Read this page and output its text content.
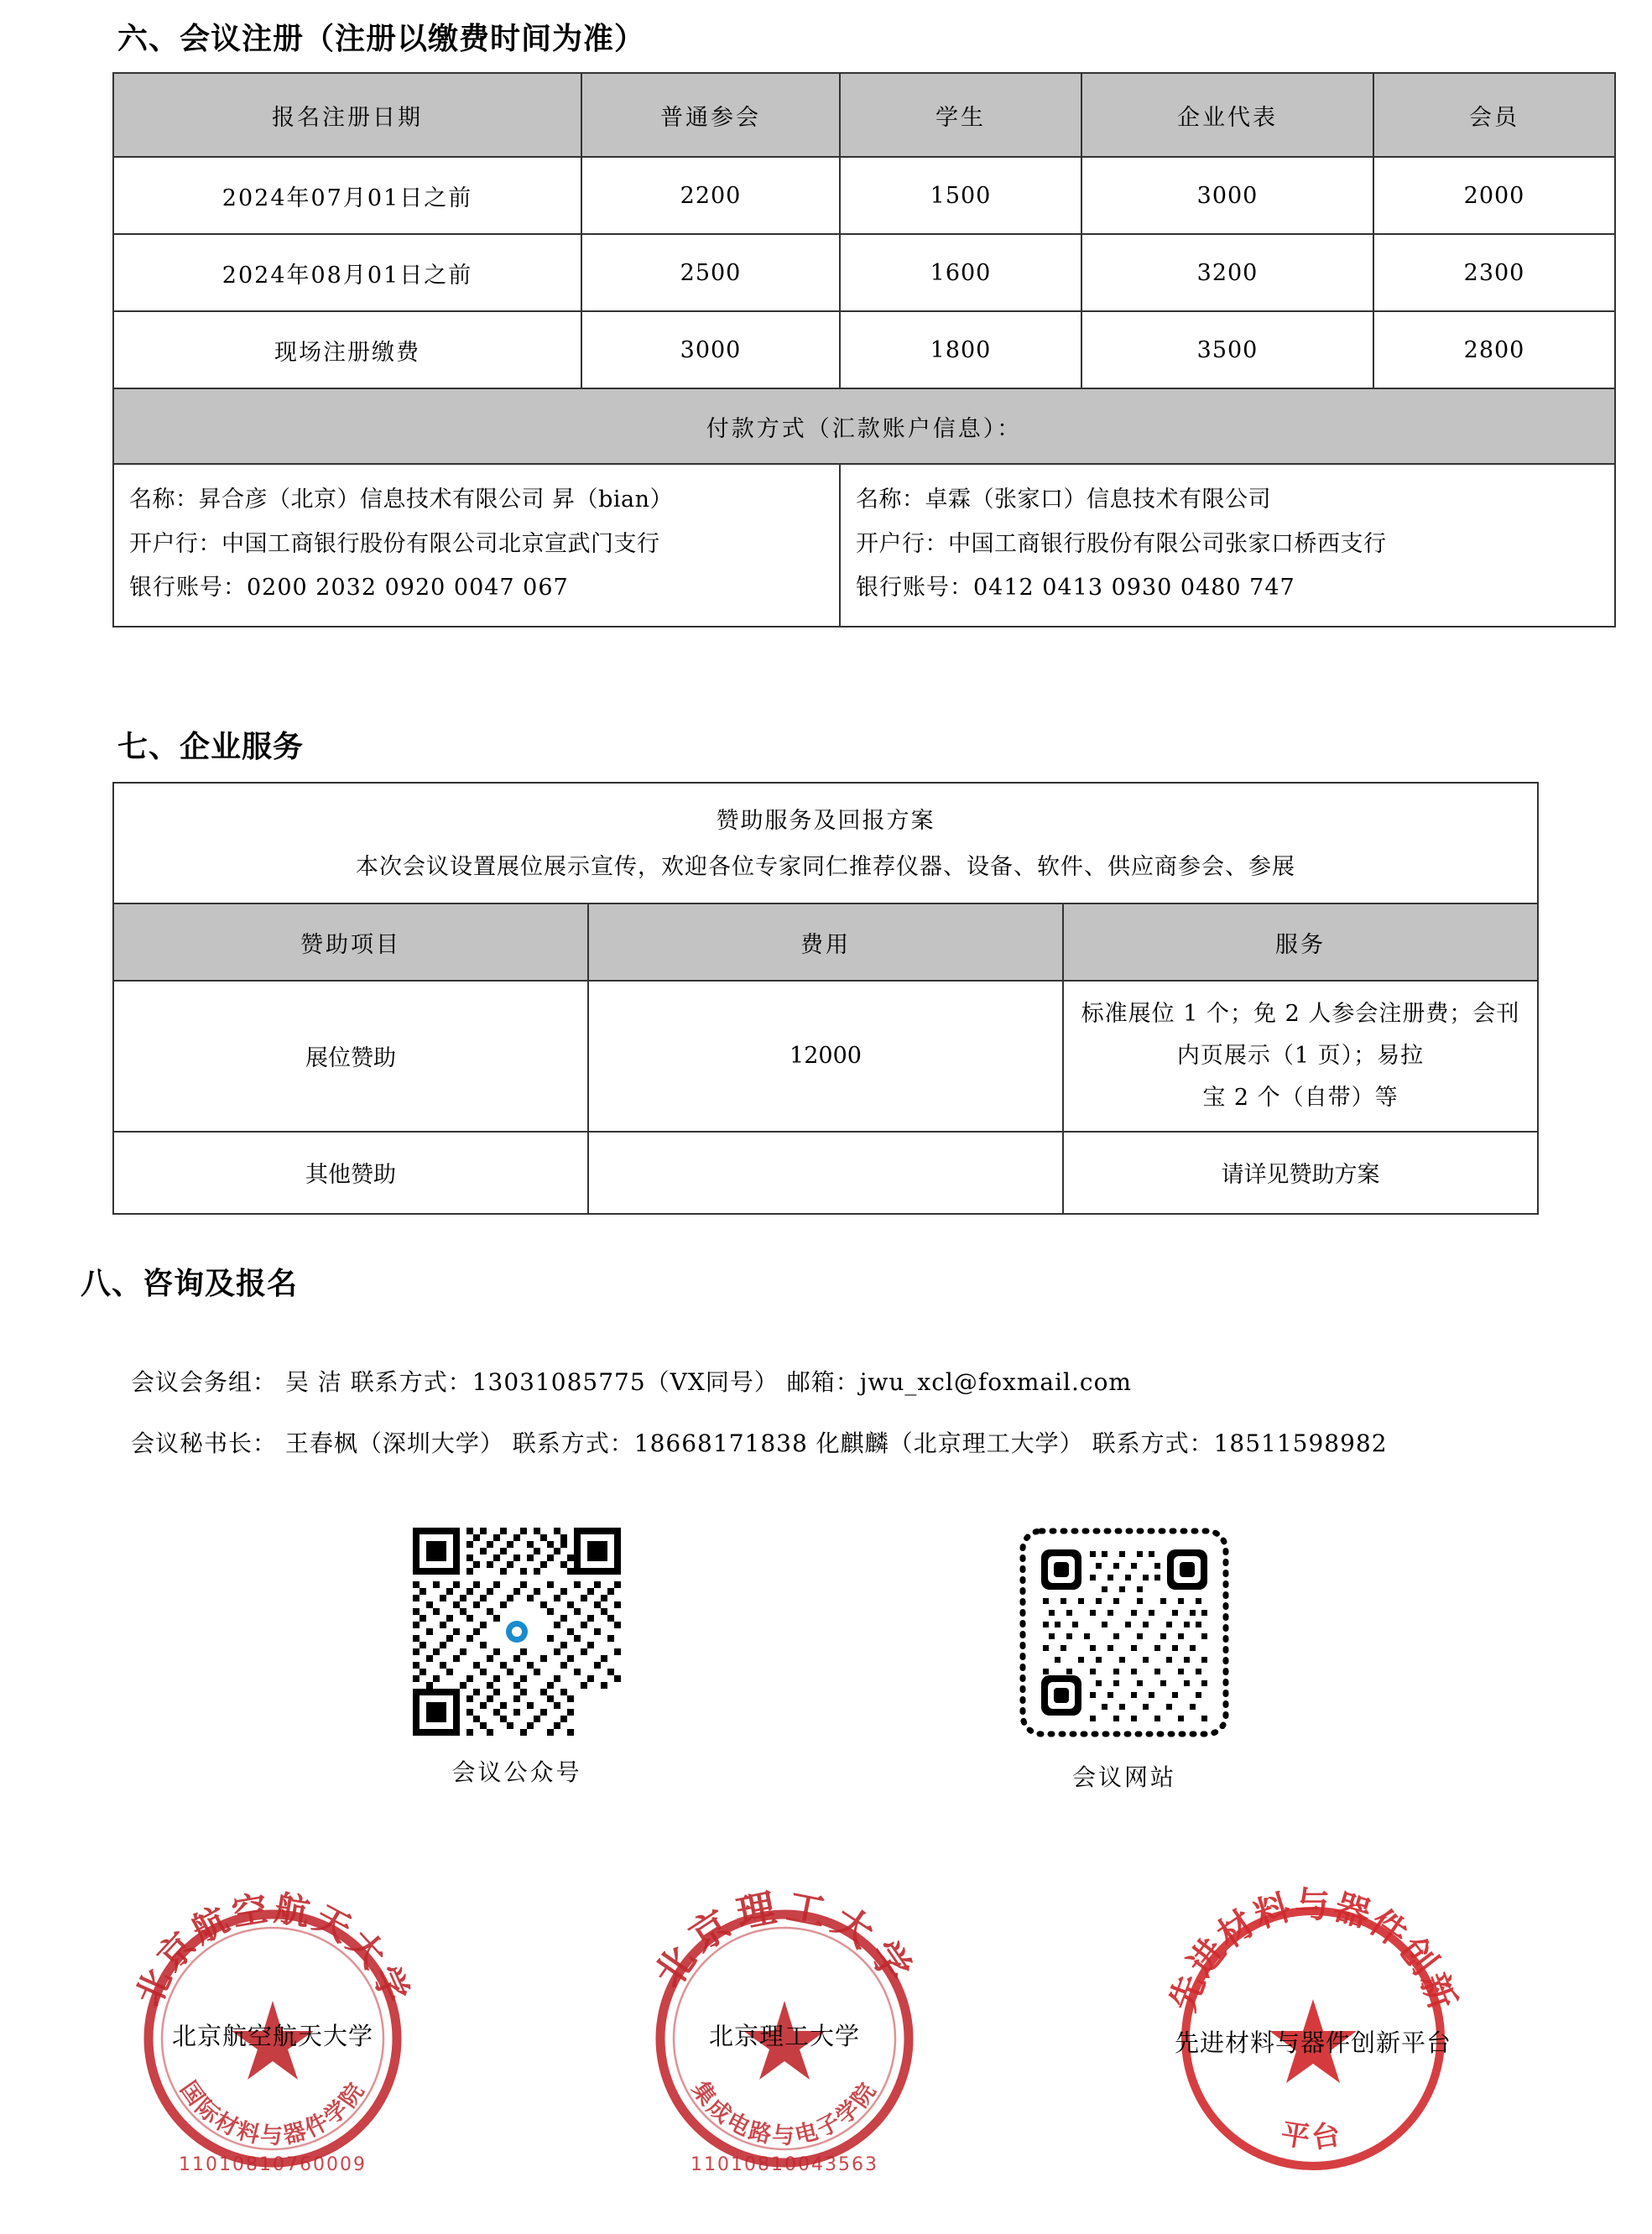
六、会议注册（注册以缴费时间为准）
报名注册日期	普通参会	学生	企业代表	会员
2024年07月01日之前	2200	1500	3000	2000
2024年08月01日之前	2500	1600	3200	2300
现场注册缴费	3000	1800	3500	2800
付款方式（汇款账户信息）：				

名称：昇合彦（北京）信息技术有限公司 昇（bian）
开户行：中国工商银行股份有限公司北京宣武门支行
银行账号：0200 2032 0920 0047 067

名称：卓霖（张家口）信息技术有限公司
开户行：中国工商银行股份有限公司张家口桥西支行
银行账号：0412 0413 0930 0480 747
七、企业服务
赞助服务及回报方案		
本次会议设置展位展示宣传，欢迎各位专家同仁推荐仪器、设备、软件、供应商参会、参展		
赞助项目	费用	服务
展位赞助	12000	标准展位 1 个；免 2 人参会注册费；会刊内页展示（1 页）；易拉
宝 2 个（自带）等

其他赞助		请详见赞助方案
八、咨询及报名
会议会务组： 吴 洁 联系方式：13031085775（VX同号） 邮箱：jwu_xcl@foxmail.com
会议秘书长： 王春枫（深圳大学） 联系方式：18668171838 化麒麟（北京理工大学） 联系方式：18511598982
会议公众号	会议网站
北京航空航天大学
国际材料与器件学院
11010810760009
北京航空航天大学
北京理工大学
集成电路与电子学院
11010810043563
北京理工大学
先进材料与器件创新
平台
先进材料与器件创新平台
